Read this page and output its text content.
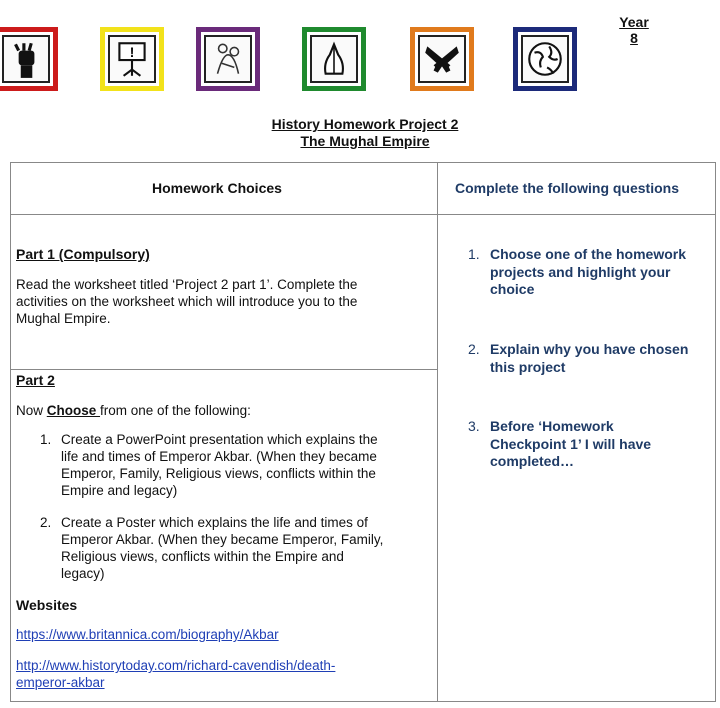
!
Year
8
History Homework Project 2
The Mughal Empire
Homework Choices	Complete the following questions
Part 1 (Compulsory)
Read the worksheet titled ‘Project 2 part 1’. Complete the
activities on the worksheet which will introduce you to the
Mughal Empire.
Part 2
Now Choose from one of the following:
1. Create a PowerPoint presentation which explains the
life and times of Emperor Akbar. (When they became
Emperor, Family, Religious views, conflicts within the
Empire and legacy)
2. Create a Poster which explains the life and times of
Emperor Akbar. (When they became Emperor, Family,
Religious views, conflicts within the Empire and
legacy)
Websites
https://www.britannica.com/biography/Akbar
http://www.historytoday.com/richard-cavendish/death-
emperor-akbar
1. Choose one of the homework
projects and highlight your
choice
2. Explain why you have chosen
this project
3. Before ‘Homework
Checkpoint 1’ I will have
completed…
